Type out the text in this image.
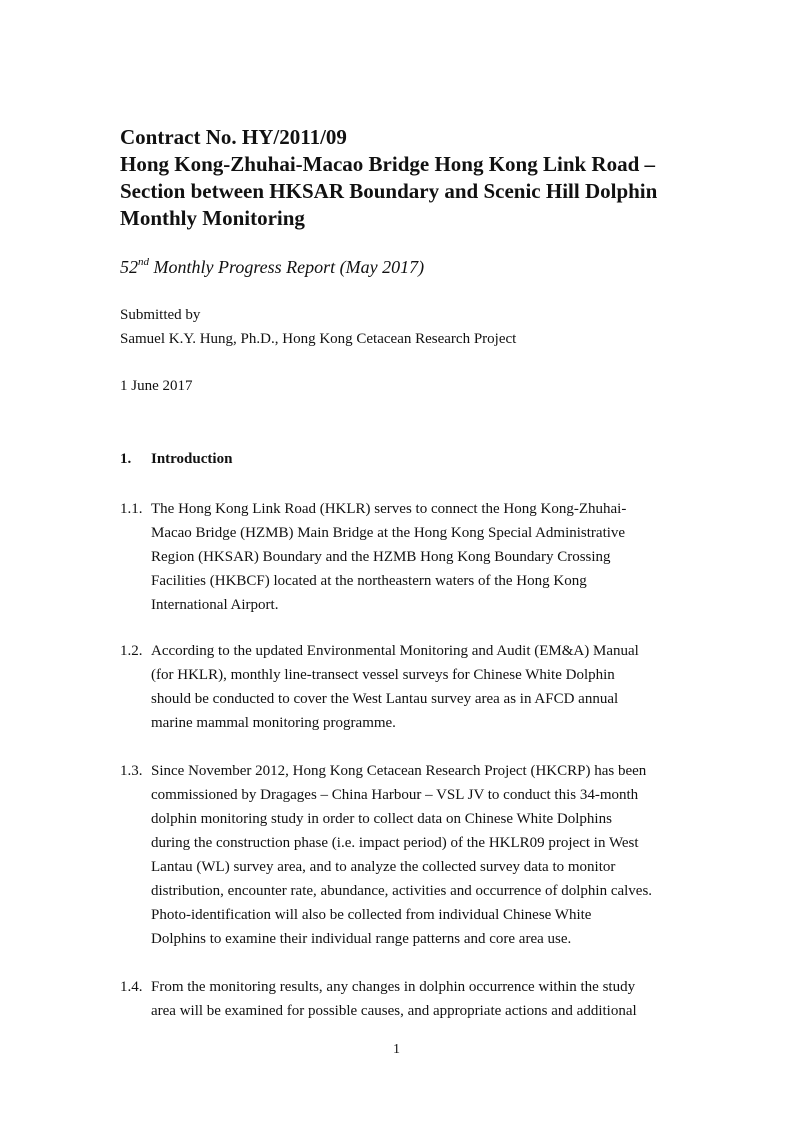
Contract No. HY/2011/09
Hong Kong-Zhuhai-Macao Bridge Hong Kong Link Road –
Section between HKSAR Boundary and Scenic Hill Dolphin
Monthly Monitoring
52nd Monthly Progress Report (May 2017)
Submitted by
Samuel K.Y. Hung, Ph.D., Hong Kong Cetacean Research Project
1 June 2017
1. Introduction
1.1. The Hong Kong Link Road (HKLR) serves to connect the Hong Kong-Zhuhai-
Macao Bridge (HZMB) Main Bridge at the Hong Kong Special Administrative
Region (HKSAR) Boundary and the HZMB Hong Kong Boundary Crossing
Facilities (HKBCF) located at the northeastern waters of the Hong Kong
International Airport.
1.2. According to the updated Environmental Monitoring and Audit (EM&A) Manual
(for HKLR), monthly line-transect vessel surveys for Chinese White Dolphin
should be conducted to cover the West Lantau survey area as in AFCD annual
marine mammal monitoring programme.
1.3. Since November 2012, Hong Kong Cetacean Research Project (HKCRP) has been
commissioned by Dragages – China Harbour – VSL JV to conduct this 34-month
dolphin monitoring study in order to collect data on Chinese White Dolphins
during the construction phase (i.e. impact period) of the HKLR09 project in West
Lantau (WL) survey area, and to analyze the collected survey data to monitor
distribution, encounter rate, abundance, activities and occurrence of dolphin calves.
Photo-identification will also be collected from individual Chinese White
Dolphins to examine their individual range patterns and core area use.
1.4. From the monitoring results, any changes in dolphin occurrence within the study
area will be examined for possible causes, and appropriate actions and additional
1
